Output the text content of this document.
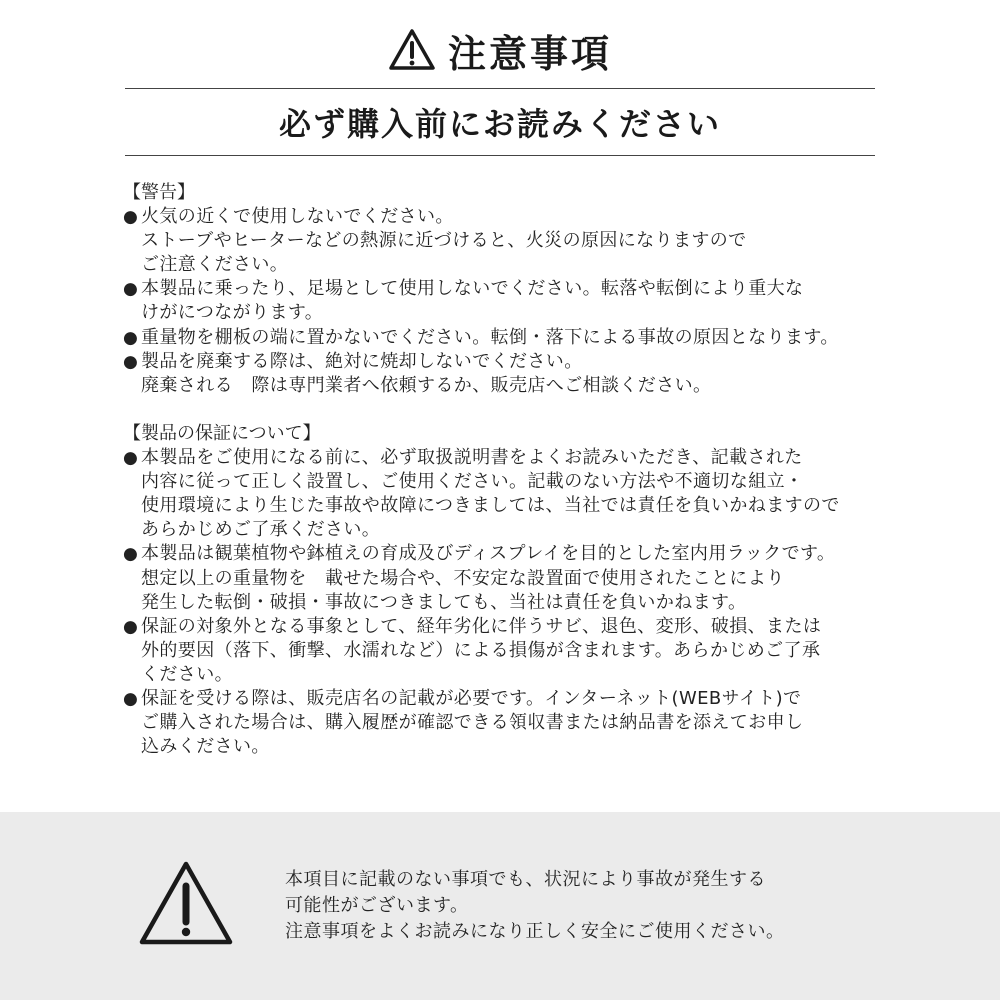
注意事項
必ず購入前にお読みください
【警告】
● 火気の近くで使用しないでください。
ストーブやヒーターなどの熱源に近づけると、火災の原因になりますので
ご注意ください。
● 本製品に乗ったり、足場として使用しないでください。転落や転倒により重大な
けがにつながります。
● 重量物を棚板の端に置かないでください。転倒・落下による事故の原因となります。
● 製品を廃棄する際は、絶対に焼却しないでください。
廃棄される　際は専門業者へ依頼するか、販売店へご相談ください。
【製品の保証について】
● 本製品をご使用になる前に、必ず取扱説明書をよくお読みいただき、記載された
内容に従って正しく設置し、ご使用ください。記載のない方法や不適切な組立・
使用環境により生じた事故や故障につきましては、当社では責任を負いかねますので
あらかじめご了承ください。
● 本製品は観葉植物や鉢植えの育成及びディスプレイを目的とした室内用ラックです。
想定以上の重量物を　載せた場合や、不安定な設置面で使用されたことにより
発生した転倒・破損・事故につきましても、当社は責任を負いかねます。
● 保証の対象外となる事象として、経年劣化に伴うサビ、退色、変形、破損、または
外的要因（落下、衝撃、水濡れなど）による損傷が含まれます。あらかじめご了承
ください。
● 保証を受ける際は、販売店名の記載が必要です。インターネット(WEBサイト)で
ご購入された場合は、購入履歴が確認できる領収書または納品書を添えてお申し
込みください。
本項目に記載のない事項でも、状況により事故が発生する
可能性がございます。
注意事項をよくお読みになり正しく安全にご使用ください。
